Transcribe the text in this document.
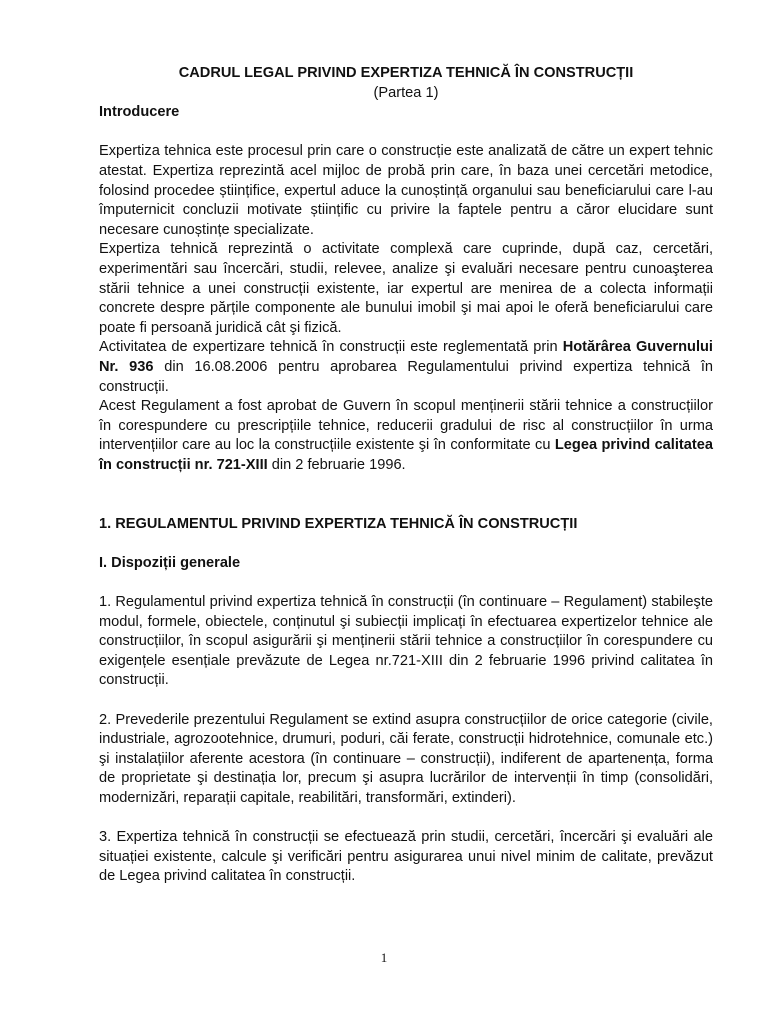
CADRUL LEGAL PRIVIND EXPERTIZA TEHNICĂ ÎN CONSTRUCȚII

(Partea 1)

Introducere

Expertiza tehnica este procesul prin care o construcție este analizată de către un expert tehnic atestat. Expertiza reprezintă acel mijloc de probă prin care, în baza unei cercetări metodice, folosind procedee științifice, expertul aduce la cunoștință organului sau beneficiarului care l-au împuternicit concluzii motivate științific cu privire la faptele pentru a căror elucidare sunt necesare cunoștințe specializate.

Expertiza tehnică reprezintă o activitate complexă care cuprinde, după caz, cercetări, experimentări sau încercări, studii, relevee, analize şi evaluări necesare pentru cunoaşterea stării tehnice a unei construcții existente, iar expertul are menirea de a colecta informații concrete despre părțile componente ale bunului imobil şi mai apoi le oferă beneficiarului care poate fi persoană juridică cât şi fizică.

Activitatea de expertizare tehnică în construcții este reglementată prin Hotărârea Guvernului Nr. 936 din 16.08.2006 pentru aprobarea Regulamentului privind expertiza tehnică în construcții.

Acest Regulament a fost aprobat de Guvern în scopul menținerii stării tehnice a construcțiilor în corespundere cu prescripțiile tehnice, reducerii gradului de risc al construcțiilor în urma intervențiilor care au loc la construcțiile existente şi în conformitate cu Legea privind calitatea în construcții nr. 721-XIII din 2 februarie 1996.

1. REGULAMENTUL PRIVIND EXPERTIZA TEHNICĂ ÎN CONSTRUCȚII

I. Dispoziții generale

1. Regulamentul privind expertiza tehnică în construcții (în continuare – Regulament) stabileşte modul, formele, obiectele, conținutul şi subiecții implicați în efectuarea expertizelor tehnice ale construcțiilor, în scopul asigurării şi menținerii stării tehnice a construcțiilor în corespundere cu exigențele esențiale prevăzute de Legea nr.721-XIII din 2 februarie 1996 privind calitatea în construcții.

2. Prevederile prezentului Regulament se extind asupra construcțiilor de orice categorie (civile, industriale, agrozootehnice, drumuri, poduri, căi ferate, construcții hidrotehnice, comunale etc.) şi instalațiilor aferente acestora (în continuare – construcții), indiferent de apartenența, forma de proprietate şi destinația lor, precum şi asupra lucrărilor de intervenții în timp (consolidări, modernizări, reparații capitale, reabilitări, transformări, extinderi).

3. Expertiza tehnică în construcții se efectuează prin studii, cercetări, încercări şi evaluări ale situației existente, calcule şi verificări pentru asigurarea unui nivel minim de calitate, prevăzut de Legea privind calitatea în construcții.

1
